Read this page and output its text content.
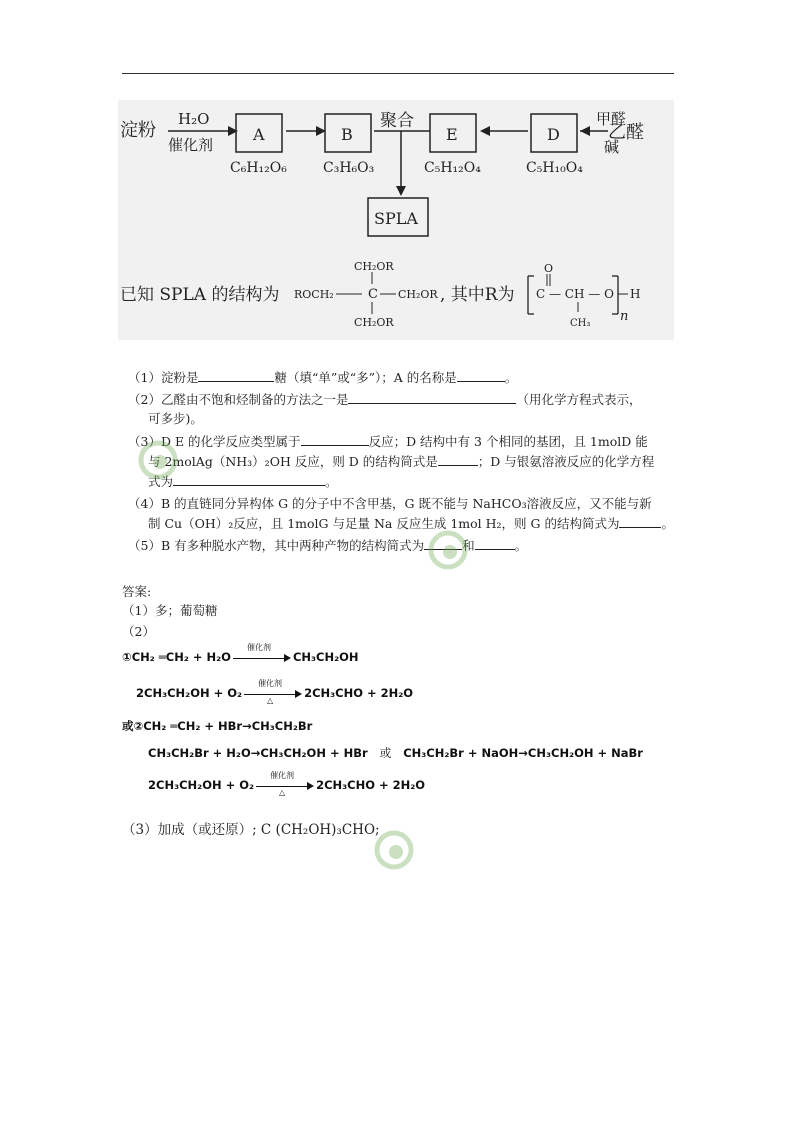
淀粉
H₂O
催化剂
A
C₆H₁₂O₆
B
C₃H₆O₃
聚合
E
C₅H₁₂O₄
D
C₅H₁₀O₄
甲醛
乙醛
碱
SPLA
已知 SPLA 的结构为 ROCH₂	C
CH₂OR
CH₂OR
CH₂OR
, 其中R为
O
C — CH — O
CH₃
H
n
（1）淀粉是	糖（填“单”或“多”）；A 的名称是	。
（2）乙醛由不饱和烃制备的方法之一是	（用化学方程式表示，
可多步)。
（3）D E 的化学反应类型属于	反应；D 结构中有 3 个相同的基团，且 1molD 能
与 2molAg（NH₃）₂OH 反应，则 D 的结构简式是	；D 与银氨溶液反应的化学方程
式为	。
（4）B 的直链同分异构体 G 的分子中不含甲基，G 既不能与 NaHCO₃溶液反应，又不能与新
制 Cu（OH）₂反应，且 1molG 与足量 Na 反应生成 1mol H₂，则 G 的结构简式为	。
（5）B 有多种脱水产物，其中两种产物的结构简式为	和	。
答案:
（1）多；葡萄糖
（2）
①CH₂ ═CH₂ + H₂O
催化剂
CH₃CH₂OH
2CH₃CH₂OH + O₂
催化剂
△	2CH₃CHO + 2H₂O
或②CH₂ ═CH₂ + HBr→CH₃CH₂Br
CH₃CH₂Br + H₂O→CH₃CH₂OH + HBr 或 CH₃CH₂Br + NaOH→CH₃CH₂OH + NaBr
2CH₃CH₂OH + O₂
催化剂
△	2CH₃CHO + 2H₂O
（3）加成（或还原）; C (CH₂OH)₃CHO;
